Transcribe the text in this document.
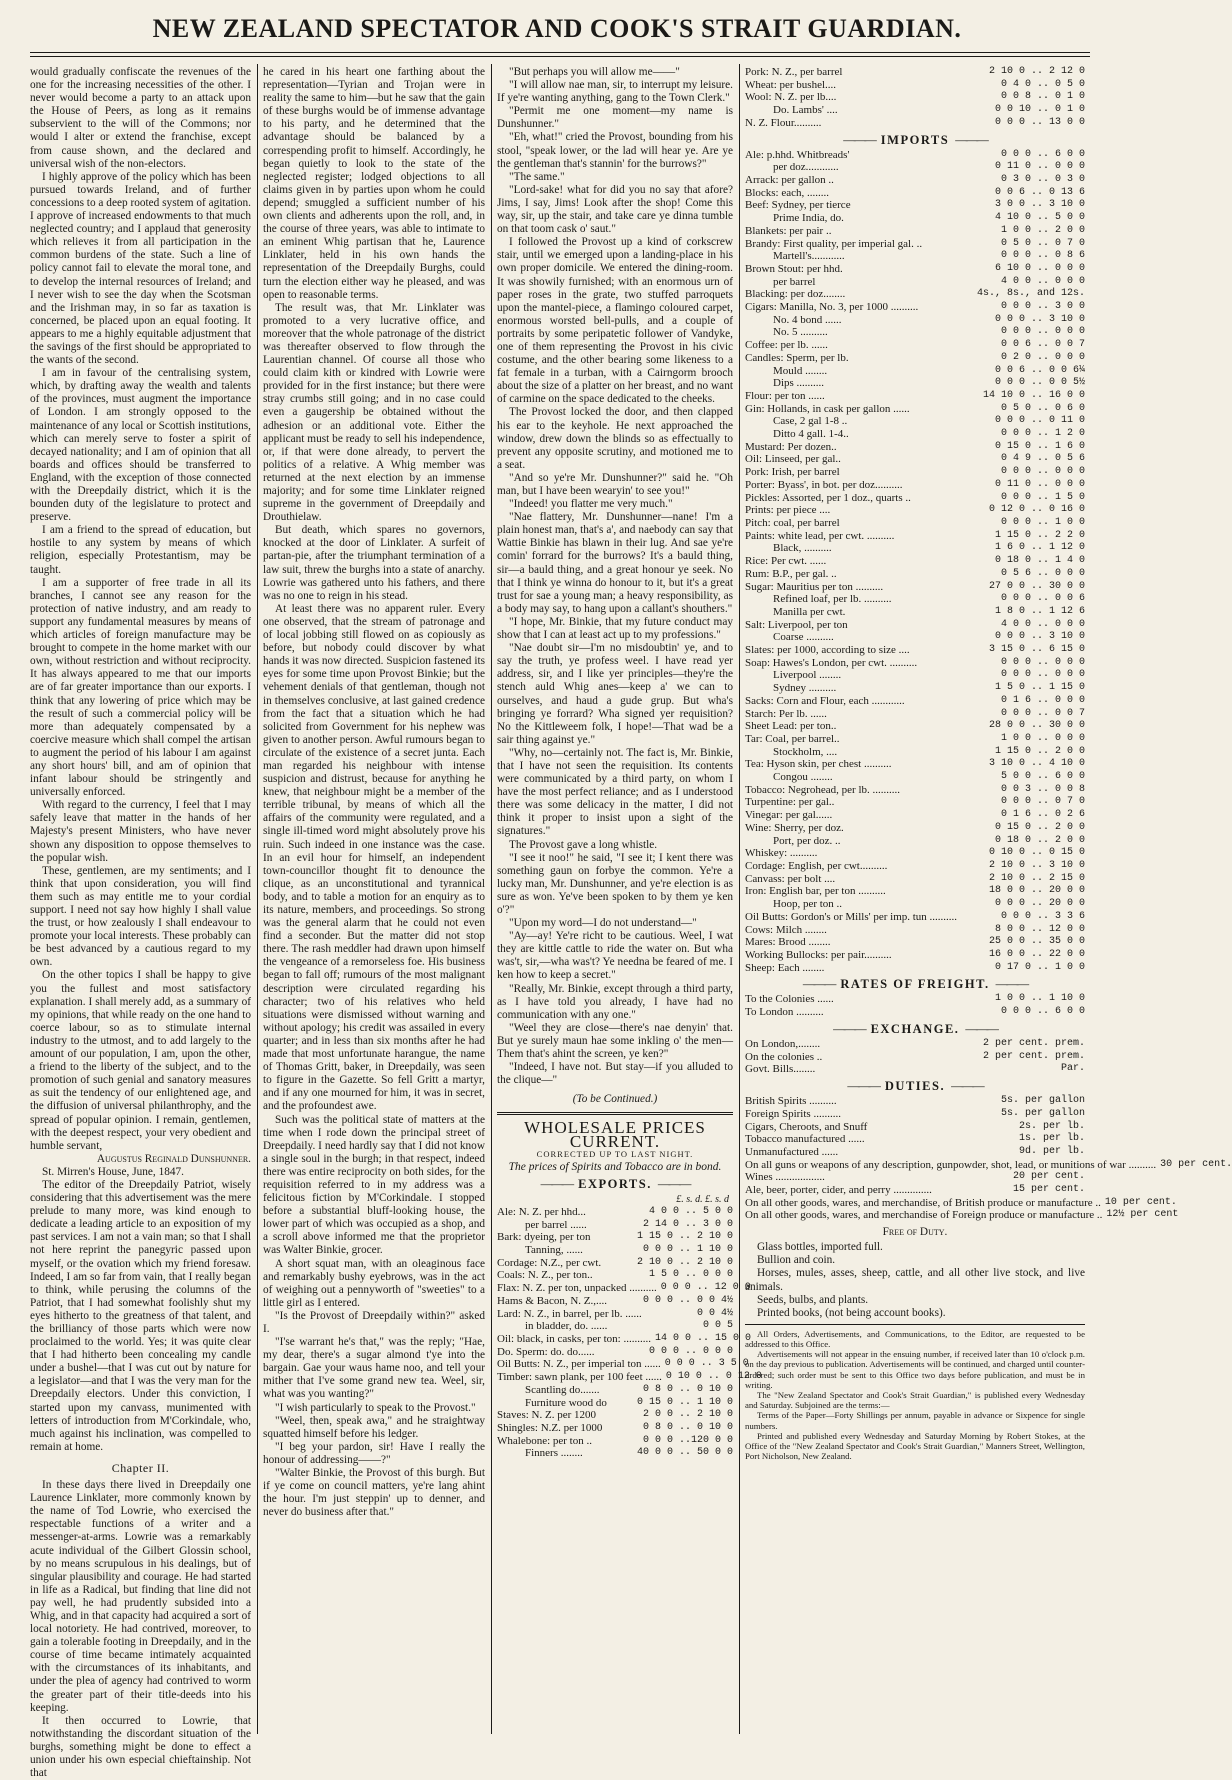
NEW ZEALAND SPECTATOR AND COOK'S STRAIT GUARDIAN.

would gradually confiscate the revenues of the one for the increasing necessities of the other. I never would become a party to an attack upon the House of Peers, as long as it remains subservient to the will of the Commons; nor would I alter or extend the franchise, except from cause shown, and the declared and universal wish of the non-electors.

I highly approve of the policy which has been pursued towards Ireland, and of further concessions to a deep rooted system of agitation. I approve of increased endowments to that much neglected country; and I applaud that generosity which relieves it from all participation in the common burdens of the state. Such a line of policy cannot fail to elevate the moral tone, and to develop the internal resources of Ireland; and I never wish to see the day when the Scotsman and the Irishman may, in so far as taxation is concerned, be placed upon an equal footing. It appears to me a highly equitable adjustment that the savings of the first should be appropriated to the wants of the second.

I am in favour of the centralising system, which, by drafting away the wealth and talents of the provinces, must augment the importance of London. I am strongly opposed to the maintenance of any local or Scottish institutions, which can merely serve to foster a spirit of decayed nationality; and I am of opinion that all boards and offices should be transferred to England, with the exception of those connected with the Dreepdaily district, which it is the bounden duty of the legislature to protect and preserve.

I am a friend to the spread of education, but hostile to any system by means of which religion, especially Protestantism, may be taught.

I am a supporter of free trade in all its branches, I cannot see any reason for the protection of native industry, and am ready to support any fundamental measures by means of which articles of foreign manufacture may be brought to compete in the home market with our own, without restriction and without reciprocity. It has always appeared to me that our imports are of far greater importance than our exports. I think that any lowering of price which may be the result of such a commercial policy will be more than adequately compensated by a coercive measure which shall compel the artisan to augment the period of his labour I am against any short hours' bill, and am of opinion that infant labour should be stringently and universally enforced.

With regard to the currency, I feel that I may safely leave that matter in the hands of her Majesty's present Ministers, who have never shown any disposition to oppose themselves to the popular wish.

These, gentlemen, are my sentiments; and I think that upon consideration, you will find them such as may entitle me to your cordial support. I need not say how highly I shall value the trust, or how zealously I shall endeavour to promote your local interests. These probably can be best advanced by a cautious regard to my own.

On the other topics I shall be happy to give you the fullest and most satisfactory explanation. I shall merely add, as a summary of my opinions, that while ready on the one hand to coerce labour, so as to stimulate internal industry to the utmost, and to add largely to the amount of our population, I am, upon the other, a friend to the liberty of the subject, and to the promotion of such genial and sanatory measures as suit the tendency of our enlightened age, and the diffusion of universal philanthrophy, and the spread of popular opinion. I remain, gentlemen, with the deepest respect, your very obedient and humble servant,

Augustus Reginald Dunshunner.

St. Mirren's House, June, 1847.

The editor of the Dreepdaily Patriot, wisely considering that this advertisement was the mere prelude to many more, was kind enough to dedicate a leading article to an exposition of my past services. I am not a vain man; so that I shall not here reprint the panegyric passed upon myself, or the ovation which my friend foresaw. Indeed, I am so far from vain, that I really began to think, while perusing the columns of the Patriot, that I had somewhat foolishly shut my eyes hitherto to the greatness of that talent, and the brilliancy of those parts which were now proclaimed to the world. Yes; it was quite clear that I had hitherto been concealing my candle under a bushel—that I was cut out by nature for a legislator—and that I was the very man for the Dreepdaily electors. Under this conviction, I started upon my canvass, munimented with letters of introduction from M'Corkindale, who, much against his inclination, was compelled to remain at home.

Chapter II.

In these days there lived in Dreepdaily one Laurence Linklater, more commonly known by the name of Tod Lowrie, who exercised the respectable functions of a writer and a messenger-at-arms. Lowrie was a remarkably acute individual of the Gilbert Glossin school, by no means scrupulous in his dealings, but of singular plausibility and courage. He had started in life as a Radical, but finding that line did not pay well, he had prudently subsided into a Whig, and in that capacity had acquired a sort of local notoriety. He had contrived, moreover, to gain a tolerable footing in Dreepdaily, and in the course of time became intimately acquainted with the circumstances of its inhabitants, and under the plea of agency had contrived to worm the greater part of their title-deeds into his keeping.

It then occurred to Lowrie, that notwithstanding the discordant situation of the burghs, something might be done to effect a union under his own especial chieftainship. Not that

he cared in his heart one farthing about the representation—Tyrian and Trojan were in reality the same to him—but he saw that the gain of these burghs would be of immense advantage to his party, and he determined that the advantage should be balanced by a correspending profit to himself. Accordingly, he began quietly to look to the state of the neglected register; lodged objections to all claims given in by parties upon whom he could depend; smuggled a sufficient number of his own clients and adherents upon the roll, and, in the course of three years, was able to intimate to an eminent Whig partisan that he, Laurence Linklater, held in his own hands the representation of the Dreepdaily Burghs, could turn the election either way he pleased, and was open to reasonable terms.

The result was, that Mr. Linklater was promoted to a very lucrative office, and moreover that the whole patronage of the district was thereafter observed to flow through the Laurentian channel. Of course all those who could claim kith or kindred with Lowrie were provided for in the first instance; but there were stray crumbs still going; and in no case could even a gaugership be obtained without the adhesion or an additional vote. Either the applicant must be ready to sell his independence, or, if that were done already, to pervert the politics of a relative. A Whig member was returned at the next election by an immense majority; and for some time Linklater reigned supreme in the government of Dreepdaily and Drouthielaw.

But death, which spares no governors, knocked at the door of Linklater. A surfeit of partan-pie, after the triumphant termination of a law suit, threw the burghs into a state of anarchy. Lowrie was gathered unto his fathers, and there was no one to reign in his stead.

At least there was no apparent ruler. Every one observed, that the stream of patronage and of local jobbing still flowed on as copiously as before, but nobody could discover by what hands it was now directed. Suspicion fastened its eyes for some time upon Provost Binkie; but the vehement denials of that gentleman, though not in themselves conclusive, at last gained credence from the fact that a situation which he had solicited from Government for his nephew was given to another person. Awful rumours began to circulate of the existence of a secret junta. Each man regarded his neighbour with intense suspicion and distrust, because for anything he knew, that neighbour might be a member of the terrible tribunal, by means of which all the affairs of the community were regulated, and a single ill-timed word might absolutely prove his ruin. Such indeed in one instance was the case. In an evil hour for himself, an independent town-councillor thought fit to denounce the clique, as an unconstitutional and tyrannical body, and to table a motion for an enquiry as to its nature, members, and proceedings. So strong was the general alarm that he could not even find a seconder. But the matter did not stop there. The rash meddler had drawn upon himself the vengeance of a remorseless foe. His business began to fall off; rumours of the most malignant description were circulated regarding his character; two of his relatives who held situations were dismissed without warning and without apology; his credit was assailed in every quarter; and in less than six months after he had made that most unfortunate harangue, the name of Thomas Gritt, baker, in Dreepdaily, was seen to figure in the Gazette. So fell Gritt a martyr, and if any one mourned for him, it was in secret, and the profoundest awe.

Such was the political state of matters at the time when I rode down the principal street of Dreepdaily. I need hardly say that I did not know a single soul in the burgh; in that respect, indeed there was entire reciprocity on both sides, for the requisition referred to in my address was a felicitous fiction by M'Corkindale. I stopped before a substantial bluff-looking house, the lower part of which was occupied as a shop, and a scroll above informed me that the proprietor was Walter Binkie, grocer.

A short squat man, with an oleaginous face and remarkably bushy eyebrows, was in the act of weighing out a pennyworth of "sweeties" to a little girl as I entered.

"Is the Provost of Dreepdaily within?" asked I.

"I'se warrant he's that," was the reply; "Hae, my dear, there's a sugar almond t'ye into the bargain. Gae your waus hame noo, and tell your mither that I've some grand new tea. Weel, sir, what was you wanting?"

"I wish particularly to speak to the Provost."

"Weel, then, speak awa," and he straightway squatted himself before his ledger.

"I beg your pardon, sir! Have I really the honour of addressing——?"

"Walter Binkie, the Provost of this burgh. But if ye come on council matters, ye're lang ahint the hour. I'm just steppin' up to denner, and never do business after that."

"But perhaps you will allow me——"

"I will allow nae man, sir, to interrupt my leisure. If ye're wanting anything, gang to the Town Clerk."

"Permit me one moment—my name is Dunshunner."

"Eh, what!" cried the Provost, bounding from his stool, "speak lower, or the lad will hear ye. Are ye the gentleman that's stannin' for the burrows?"

"The same."

"Lord-sake! what for did you no say that afore? Jims, I say, Jims! Look after the shop! Come this way, sir, up the stair, and take care ye dinna tumble on that toom cask o' saut."

I followed the Provost up a kind of corkscrew stair, until we emerged upon a landing-place in his own proper domicile. We entered the dining-room. It was showily furnished; with an enormous urn of paper roses in the grate, two stuffed parroquets upon the mantel-piece, a flamingo coloured carpet, enormous worsted bell-pulls, and a couple of portraits by some peripatetic follower of Vandyke, one of them representing the Provost in his civic costume, and the other bearing some likeness to a fat female in a turban, with a Cairngorm brooch about the size of a platter on her breast, and no want of carmine on the space dedicated to the cheeks.

The Provost locked the door, and then clapped his ear to the keyhole. He next approached the window, drew down the blinds so as effectually to prevent any opposite scrutiny, and motioned me to a seat.

"And so ye're Mr. Dunshunner?" said he. "Oh man, but I have been wearyin' to see you!"

"Indeed! you flatter me very much."

"Nae flattery, Mr. Dunshunner—nane! I'm a plain honest man, that's a', and naebody can say that Wattie Binkie has blawn in their lug. And sae ye're comin' forrard for the burrows? It's a bauld thing, sir—a bauld thing, and a great honour ye seek. No that I think ye winna do honour to it, but it's a great trust for sae a young man; a heavy responsibility, as a body may say, to hang upon a callant's shouthers."

"I hope, Mr. Binkie, that my future conduct may show that I can at least act up to my professions."

"Nae doubt sir—I'm no misdoubtin' ye, and to say the truth, ye profess weel. I have read yer address, sir, and I like yer principles—they're the stench auld Whig anes—keep a' we can to ourselves, and haud a gude grup. But wha's bringing ye forrard? Wha signed yer requisition? No the Kittleweem folk, I hope!—That wad be a sair thing against ye."

"Why, no—certainly not. The fact is, Mr. Binkie, that I have not seen the requisition. Its contents were communicated by a third party, on whom I have the most perfect reliance; and as I understood there was some delicacy in the matter, I did not think it proper to insist upon a sight of the signatures."

The Provost gave a long whistle.

"I see it noo!" he said, "I see it; I kent there was something gaun on forbye the common. Ye're a lucky man, Mr. Dunshunner, and ye're election is as sure as won. Ye've been spoken to by them ye ken o'?"

"Upon my word—I do not understand—"

"Ay—ay! Ye're richt to be cautious. Weel, I wat they are kittle cattle to ride the water on. But wha was't, sir,—wha was't? Ye needna be feared of me. I ken how to keep a secret."

"Really, Mr. Binkie, except through a third party, as I have told you already, I have had no communication with any one."

"Weel they are close—there's nae denyin' that. But ye surely maun hae some inkling o' the men—Them that's ahint the screen, ye ken?"

"Indeed, I have not. But stay—if you alluded to the clique—"

(To be Continued.)
WHOLESALE PRICES CURRENT.
CORRECTED UP TO LAST NIGHT.
The prices of Spirits and Tobacco are in bond.
——— EXPORTS. ———
£. s. d. £. s. d
Ale: N. Z. per hhd...	4 0 0 .. 5 0 0
per barrel ......	2 14 0 .. 3 0 0
Bark: dyeing, per ton	1 15 0 .. 2 10 0
Tanning, ......	0 0 0 .. 1 10 0
Cordage: N.Z., per cwt.	2 10 0 .. 2 10 0
Coals: N. Z., per ton..	1 5 0 .. 0 0 0
Flax: N. Z. per ton, unpacked .......... 0 0 0 .. 12 0 0
Hams & Bacon, N. Z.,....	0 0 0 .. 0 0 4½
Lard: N. Z., in barrel, per lb. ......	0 0 4½
in bladder, do. ......	0 0 5
Oil: black, in casks, per ton: .......... 14 0 0 .. 15 0 0
Do. Sperm: do. do......	0 0 0 .. 0 0 0
Oil Butts: N. Z., per imperial ton ...... 0 0 0 .. 3 5 0
Timber: sawn plank, per 100 feet ...... 0 10 0 .. 0 12 0
Scantling do.......	0 8 0 .. 0 10 0
Furniture wood do	0 15 0 .. 1 10 0
Staves: N. Z. per 1200	2 0 0 .. 2 10 0
Shingles: N.Z. per 1000	0 8 0 .. 0 10 0
Whalebone: per ton ..	0 0 0 ..120 0 0
Finners ........	40 0 0 .. 50 0 0
Pork: N. Z., per barrel	2 10 0 .. 2 12 0
Wheat: per bushel....	0 4 0 .. 0 5 0
Wool: N. Z. per lb....	0 0 8 .. 0 1 0
Do. Lambs' ....	0 0 10 .. 0 1 0
N. Z. Flour..........	0 0 0 .. 13 0 0
——— IMPORTS ———
Ale: p.hhd. Whitbreads'	0 0 0 .. 6 0 0
per doz............	0 11 0 .. 0 0 0
Arrack: per gallon ..	0 3 0 .. 0 3 0
Blocks: each, ........	0 0 6 .. 0 13 6
Beef: Sydney, per tierce	3 0 0 .. 3 10 0
Prime India, do.	4 10 0 .. 5 0 0
Blankets: per pair ..	1 0 0 .. 2 0 0
Brandy: First quality, per imperial gal. ..	0 5 0 .. 0 7 0
Martell's............	0 0 0 .. 0 8 6
Brown Stout: per hhd.	6 10 0 .. 0 0 0
per barrel	4 0 0 .. 0 0 0
Blacking: per doz........	4s., 8s., and 12s.
Cigars: Manilla, No. 3, per 1000 ..........	0 0 0 .. 3 0 0
No. 4 bond ......	0 0 0 .. 3 10 0
No. 5 ..........	0 0 0 .. 0 0 0
Coffee: per lb. ......	0 0 6 .. 0 0 7
Candles: Sperm, per lb.	0 2 0 .. 0 0 0
Mould ........	0 0 6 .. 0 0 6¼
Dips ..........	0 0 0 .. 0 0 5½
Flour: per ton ......	14 10 0 .. 16 0 0
Gin: Hollands, in cask per gallon ......	0 5 0 .. 0 6 0
Case, 2 gal 1-8 ..	0 0 0 .. 0 11 0
Ditto 4 gall. 1-4..	0 0 0 .. 1 2 0
Mustard: Per dozen..	0 15 0 .. 1 6 0
Oil: Linseed, per gal..	0 4 9 .. 0 5 6
Pork: Irish, per barrel	0 0 0 .. 0 0 0
Porter: Byass', in bot. per doz..........	0 11 0 .. 0 0 0
Pickles: Assorted, per 1 doz., quarts ..	0 0 0 .. 1 5 0
Prints: per piece ....	0 12 0 .. 0 16 0
Pitch: coal, per barrel	0 0 0 .. 1 0 0
Paints: white lead, per cwt. ..........	1 15 0 .. 2 2 0
Black, ..........	1 6 0 .. 1 12 0
Rice: Per cwt. ......	0 18 0 .. 1 4 0
Rum: B.P., per gal. ..	0 5 6 .. 0 0 0
Sugar: Mauritius per ton ..........	27 0 0 .. 30 0 0
Refined loaf, per lb. ..........	0 0 0 .. 0 0 6
Manilla per cwt.	1 8 0 .. 1 12 6
Salt: Liverpool, per ton	4 0 0 .. 0 0 0
Coarse ..........	0 0 0 .. 3 10 0
Slates: per 1000, according to size ....	3 15 0 .. 6 15 0
Soap: Hawes's London, per cwt. ..........	0 0 0 .. 0 0 0
Liverpool ........	0 0 0 .. 0 0 0
Sydney ..........	1 5 0 .. 1 15 0
Sacks: Corn and Flour, each ............	0 1 6 .. 0 0 0
Starch: Per lb. ......	0 0 0 .. 0 0 7
Sheet Lead: per ton..	28 0 0 .. 30 0 0
Tar: Coal, per barrel..	1 0 0 .. 0 0 0
Stockholm, ....	1 15 0 .. 2 0 0
Tea: Hyson skin, per chest ..........	3 10 0 .. 4 10 0
Congou ........	5 0 0 .. 6 0 0
Tobacco: Negrohead, per lb. ..........	0 0 3 .. 0 0 8
Turpentine: per gal..	0 0 0 .. 0 7 0
Vinegar: per gal......	0 1 6 .. 0 2 6
Wine: Sherry, per doz.	0 15 0 .. 2 0 0
Port, per doz. ..	0 18 0 .. 2 0 0
Whiskey: ..........	0 10 0 .. 0 15 0
Cordage: English, per cwt..........	2 10 0 .. 3 10 0
Canvass: per bolt ....	2 10 0 .. 2 15 0
Iron: English bar, per ton ..........	18 0 0 .. 20 0 0
Hoop, per ton ..	0 0 0 .. 20 0 0
Oil Butts: Gordon's or Mills' per imp. tun ..........	0 0 0 .. 3 3 6
Cows: Milch ........	8 0 0 .. 12 0 0
Mares: Brood ........	25 0 0 .. 35 0 0
Working Bullocks: per pair..........	16 0 0 .. 22 0 0
Sheep: Each ........	0 17 0 .. 1 0 0
——— RATES OF FREIGHT. ———
To the Colonies ......	1 0 0 .. 1 10 0
To London ..........	0 0 0 .. 6 0 0
——— EXCHANGE. ———
On London,........	2 per cent. prem.
On the colonies ..	2 per cent. prem.
Govt. Bills........	Par.
——— DUTIES. ———
British Spirits ..........	5s. per gallon
Foreign Spirits ..........	5s. per gallon
Cigars, Cheroots, and Snuff	2s. per lb.
Tobacco manufactured ......	1s. per lb.
Unmanufactured ......	9d. per lb.
On all guns or weapons of any description, gunpowder, shot, lead, or munitions of war .......... 30 per cent.
Wines ..................	20 per cent.
Ale, beer, porter, cider, and perry ..............	15 per cent.
On all other goods, wares, and merchandise, of British produce or manufacture .. 10 per cent.
On all other goods, wares, and merchandise of Foreign produce or manufacture .. 12½ per cent
Free of Duty.

Glass bottles, imported full.

Bullion and coin.

Horses, mules, asses, sheep, cattle, and all other live stock, and live animals.

Seeds, bulbs, and plants.

Printed books, (not being account books).

All Orders, Advertisements, and Communications, to the Editor, are requested to be addressed to this Office.

Advertisements will not appear in the ensuing number, if received later than 10 o'clock p.m. on the day previous to publication. Advertisements will be continued, and charged until counter-ordered; such order must be sent to this Office two days before publication, and must be in writing.

The "New Zealand Spectator and Cook's Strait Guardian," is published every Wednesday and Saturday. Subjoined are the terms:—

Terms of the Paper—Forty Shillings per annum, payable in advance or Sixpence for single numbers.

Printed and published every Wednesday and Saturday Morning by Robert Stokes, at the Office of the "New Zealand Spectator and Cook's Strait Guardian," Manners Street, Wellington, Port Nicholson, New Zealand.
